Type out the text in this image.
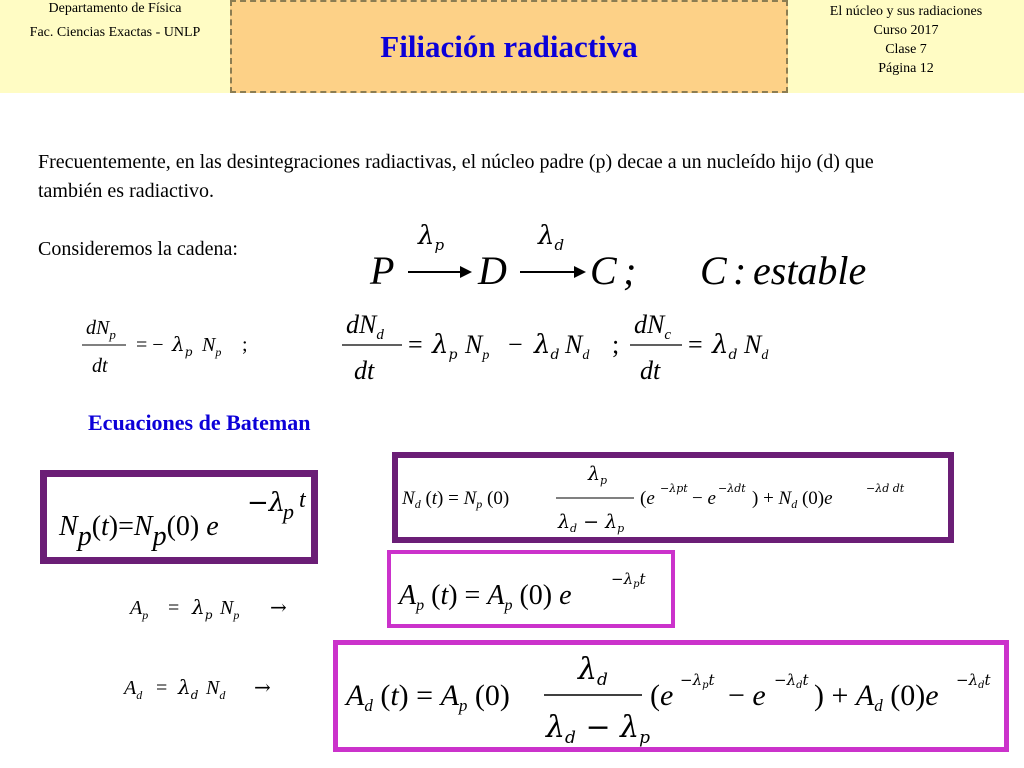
Departamento de Física
Fac. Ciencias Exactas - UNLP	Filiación radiactiva
El núcleo y sus radiaciones
Curso 2017
Clase 7
Página 12
Frecuentemente, en las desintegraciones radiactivas, el núcleo padre (p) decae a un nucleído hijo (d) que también es radiactivo.
Consideremos la cadena:
Ecuaciones de Bateman
$\lambda_p$	$\lambda_d$
P D C ; C : estable
$dN_p$
dt
= − $\lambda_p$ $N_p$ ;
$dN_d$
dt
= $\lambda_p$ $N_p - \lambda_d$ $N_d$ ;
$dN_c$
dt
= $\lambda_d$ $N_d$
Np(t)=Np(0) e
−λ
p t	$N_d$ $(t) = N_p$ (0)
$\lambda_p$
$\lambda_d - \lambda_p$
(e −λpt − e −λdt ) + $N_d$ (0)e	−λd dt
$A_p = \lambda_p$ $N_p$ →
$A_d = \lambda_d$ $N_d$ →
$A_p$ $(t) = A_p$ (0) e
$-\lambda_pt$
$A_d$ $(t) = A_p$ (0)
$\lambda_d$
$\lambda_d - \lambda_p$
($e -\lambda_pt - e -\lambda_dt$ ) + $A_d$ $(0)e -\lambda_dt$
